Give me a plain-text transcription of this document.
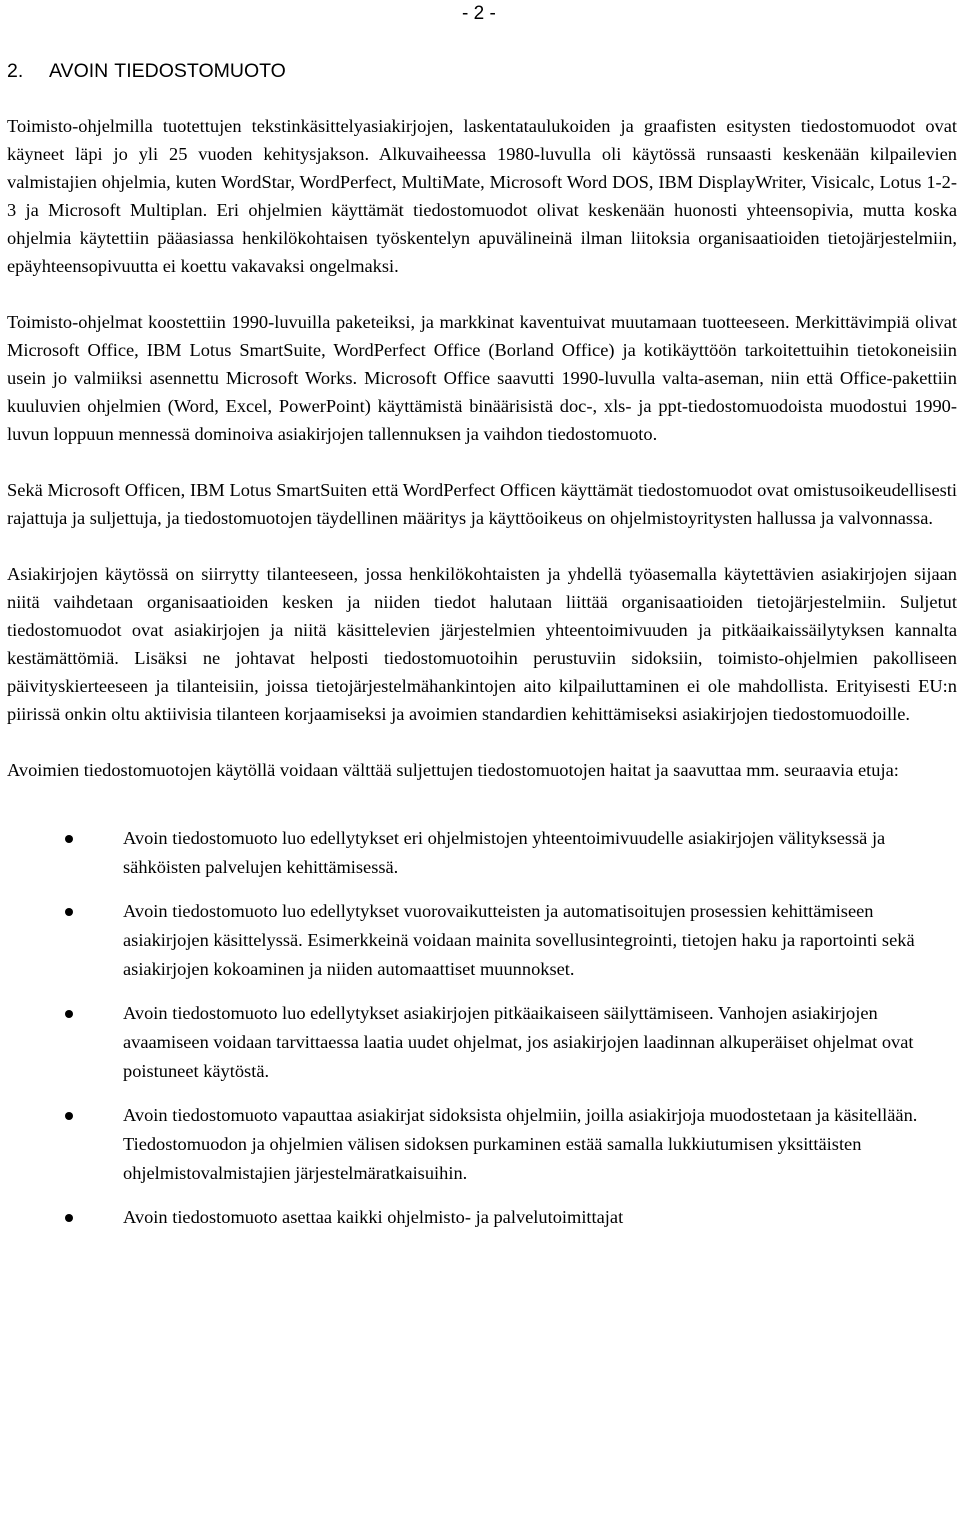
- 2 -
2. AVOIN TIEDOSTOMUOTO

Toimisto-ohjelmilla tuotettujen tekstinkäsittelyasiakirjojen, laskentataulukoiden ja graafisten esitysten tiedostomuodot ovat käyneet läpi jo yli 25 vuoden kehitysjakson. Alkuvaiheessa 1980-luvulla oli käytössä runsaasti keskenään kilpailevien valmistajien ohjelmia, kuten WordStar, WordPerfect, MultiMate, Microsoft Word DOS, IBM DisplayWriter, Visicalc, Lotus 1-2-3 ja Microsoft Multiplan. Eri ohjelmien käyttämät tiedostomuodot olivat keskenään huonosti yhteensopivia, mutta koska ohjelmia käytettiin pääasiassa henkilökohtaisen työskentelyn apuvälineinä ilman liitoksia organisaatioiden tietojärjestelmiin, epäyhteensopivuutta ei koettu vakavaksi ongelmaksi.

Toimisto-ohjelmat koostettiin 1990-luvuilla paketeiksi, ja markkinat kaventuivat muutamaan tuotteeseen. Merkittävimpiä olivat Microsoft Office, IBM Lotus SmartSuite, WordPerfect Office (Borland Office) ja kotikäyttöön tarkoitettuihin tietokoneisiin usein jo valmiiksi asennettu Microsoft Works. Microsoft Office saavutti 1990-luvulla valta-aseman, niin että Office-pakettiin kuuluvien ohjelmien (Word, Excel, PowerPoint) käyttämistä binäärisistä doc-, xls- ja ppt-tiedostomuodoista muodostui 1990-luvun loppuun mennessä dominoiva asiakirjojen tallennuksen ja vaihdon tiedostomuoto.

Sekä Microsoft Officen, IBM Lotus SmartSuiten että WordPerfect Officen käyttämät tiedostomuodot ovat omistusoikeudellisesti rajattuja ja suljettuja, ja tiedostomuotojen täydellinen määritys ja käyttöoikeus on ohjelmistoyritysten hallussa ja valvonnassa.

Asiakirjojen käytössä on siirrytty tilanteeseen, jossa henkilökohtaisten ja yhdellä työasemalla käytettävien asiakirjojen sijaan niitä vaihdetaan organisaatioiden kesken ja niiden tiedot halutaan liittää organisaatioiden tietojärjestelmiin. Suljetut tiedostomuodot ovat asiakirjojen ja niitä käsittelevien järjestelmien yhteentoimivuuden ja pitkäaikaissäilytyksen kannalta kestämättömiä. Lisäksi ne johtavat helposti tiedostomuotoihin perustuviin sidoksiin, toimisto-ohjelmien pakolliseen päivityskierteeseen ja tilanteisiin, joissa tietojärjestelmähankintojen aito kilpailuttaminen ei ole mahdollista. Erityisesti EU:n piirissä onkin oltu aktiivisia tilanteen korjaamiseksi ja avoimien standardien kehittämiseksi asiakirjojen tiedostomuodoille.

Avoimien tiedostomuotojen käytöllä voidaan välttää suljettujen tiedostomuotojen haitat ja saavuttaa mm. seuraavia etuja:

Avoin tiedostomuoto luo edellytykset eri ohjelmistojen yhteentoimivuudelle asiakirjojen välityksessä ja sähköisten palvelujen kehittämisessä.
Avoin tiedostomuoto luo edellytykset vuorovaikutteisten ja automatisoitujen prosessien kehittämiseen asiakirjojen käsittelyssä. Esimerkkeinä voidaan mainita sovellusintegrointi, tietojen haku ja raportointi sekä asiakirjojen kokoaminen ja niiden automaattiset muunnokset.
Avoin tiedostomuoto luo edellytykset asiakirjojen pitkäaikaiseen säilyttämiseen. Vanhojen asiakirjojen avaamiseen voidaan tarvittaessa laatia uudet ohjelmat, jos asiakirjojen laadinnan alkuperäiset ohjelmat ovat poistuneet käytöstä.
Avoin tiedostomuoto vapauttaa asiakirjat sidoksista ohjelmiin, joilla asiakirjoja muodostetaan ja käsitellään. Tiedostomuodon ja ohjelmien välisen sidoksen purkaminen estää samalla lukkiutumisen yksittäisten ohjelmistovalmistajien järjestelmäratkaisuihin.
Avoin tiedostomuoto asettaa kaikki ohjelmisto- ja palvelutoimittajat
